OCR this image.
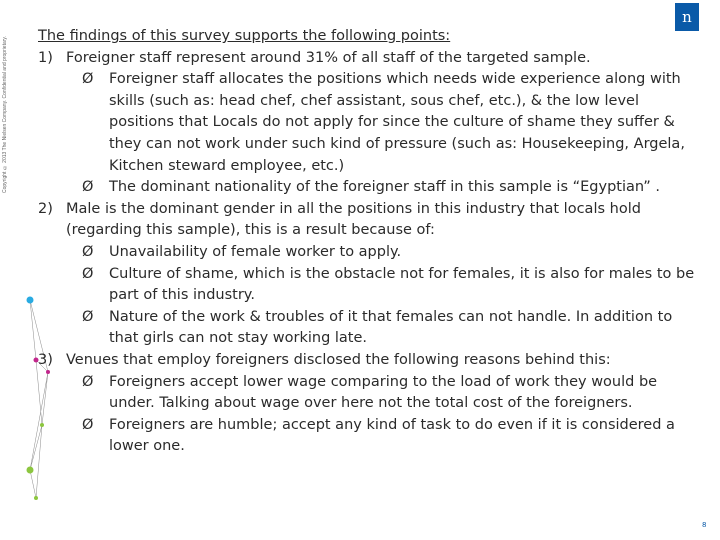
Copyright © 2013 The Nielsen Company. Confidential and proprietary.
n
The findings of this survey supports the following points:
1) Foreigner staff represent around 31% of all staff of the targeted sample.
Ø Foreigner staff allocates the positions which needs wide experience along with skills (such as: head chef, chef assistant, sous chef, etc.), & the low level positions that Locals do not apply for since the culture of shame they suffer & they can not work under such kind of pressure (such as: Housekeeping, Argela, Kitchen steward employee, etc.)
Ø The dominant nationality of the foreigner staff in this sample is “Egyptian” .
2) Male is the dominant gender in all the positions in this industry that locals hold (regarding this sample), this is a result because of:
Ø Unavailability of female worker to apply.
Ø Culture of shame, which is the obstacle not for females, it is also for males to be part of this industry.
Ø Nature of the work & troubles of it that females can not handle. In addition to that girls can not stay working late.
3) Venues that employ foreigners disclosed the following reasons behind this:
Ø Foreigners accept lower wage comparing to the load of work they would be under. Talking about wage over here not the total cost of the foreigners.
Ø Foreigners are humble; accept any kind of task to do even if it is considered a lower one.
8
